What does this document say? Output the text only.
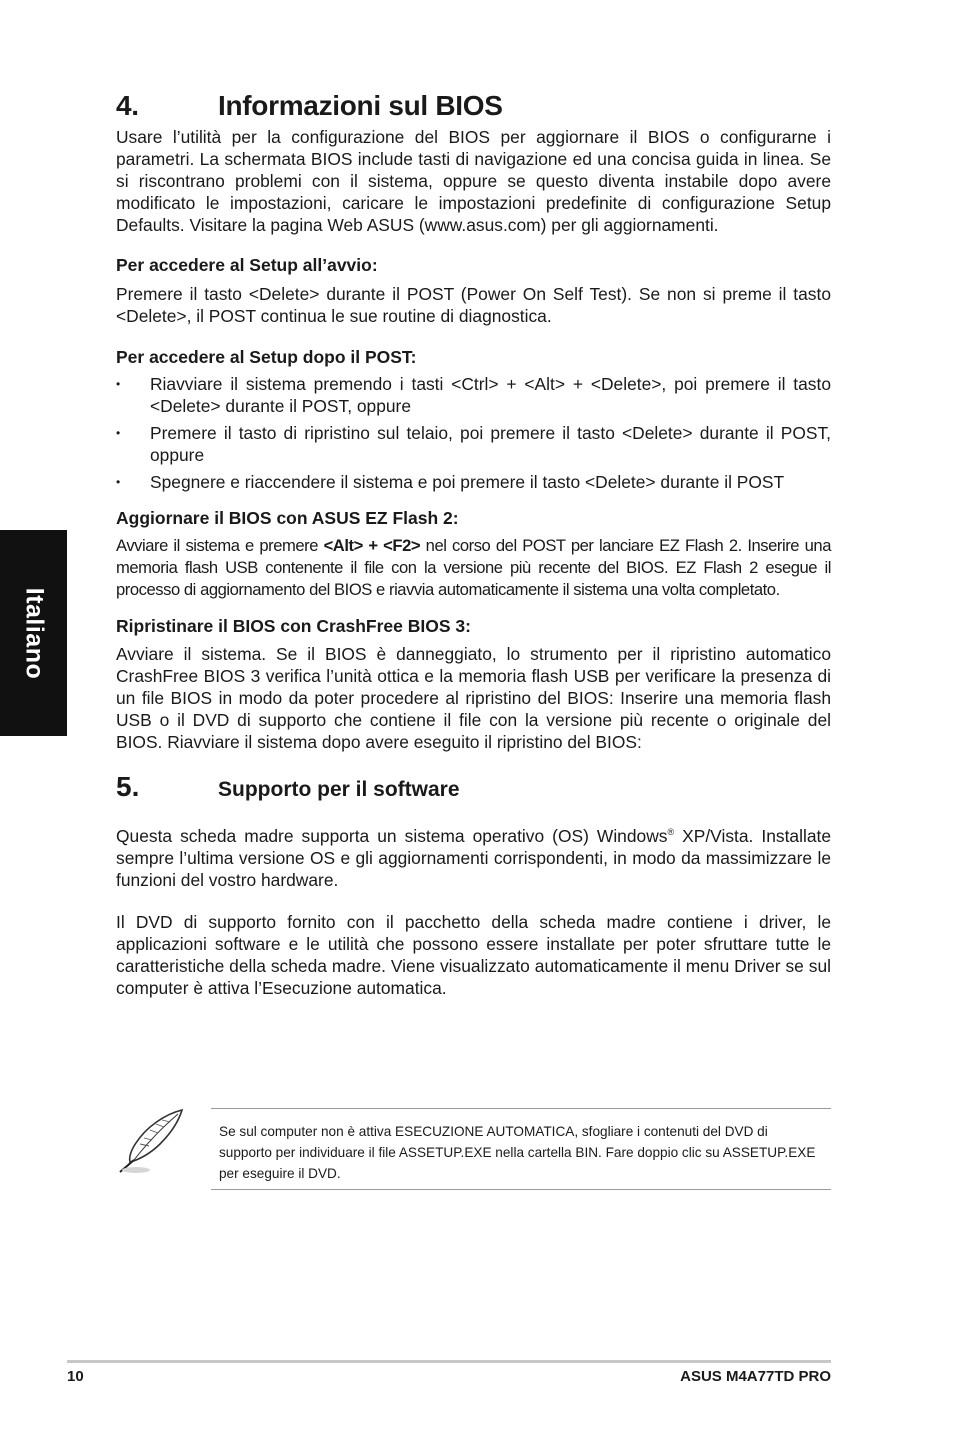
Italiano
4.	Informazioni sul BIOS

Usare l’utilità per la configurazione del BIOS per aggiornare il BIOS o configurarne i parametri. La schermata BIOS include tasti di navigazione ed una concisa guida in linea. Se si riscontrano problemi con il sistema, oppure se questo diventa instabile dopo avere modificato le impostazioni, caricare le impostazioni predefinite di configurazione Setup Defaults. Visitare la pagina Web ASUS (www.asus.com) per gli aggiornamenti.

Per accedere al Setup all’avvio:

Premere il tasto <Delete> durante il POST (Power On Self Test). Se non si preme il tasto <Delete>, il POST continua le sue routine di diagnostica.

Per accedere al Setup dopo il POST:

• Riavviare il sistema premendo i tasti <Ctrl> + <Alt> + <Delete>, poi premere il tasto <Delete> durante il POST, oppure
• Premere il tasto di ripristino sul telaio, poi premere il tasto <Delete> durante il POST, oppure
• Spegnere e riaccendere il sistema e poi premere il tasto <Delete> durante il POST

Aggiornare il BIOS con ASUS EZ Flash 2:

Avviare il sistema e premere <Alt> + <F2> nel corso del POST per lanciare EZ Flash 2. Inserire una memoria flash USB contenente il file con la versione più recente del BIOS. EZ Flash 2 esegue il processo di aggiornamento del BIOS e riavvia automaticamente il sistema una volta completato.

Ripristinare il BIOS con CrashFree BIOS 3:

Avviare il sistema. Se il BIOS è danneggiato, lo strumento per il ripristino automatico CrashFree BIOS 3 verifica l’unità ottica e la memoria flash USB per verificare la presenza di un file BIOS in modo da poter procedere al ripristino del BIOS: Inserire una memoria flash USB o il DVD di supporto che contiene il file con la versione più recente o originale del BIOS. Riavviare il sistema dopo avere eseguito il ripristino del BIOS:

5.	Supporto per il software

Questa scheda madre supporta un sistema operativo (OS) Windows® XP/Vista. Installate sempre l’ultima versione OS e gli aggiornamenti corrispondenti, in modo da massimizzare le funzioni del vostro hardware.

Il DVD di supporto fornito con il pacchetto della scheda madre contiene i driver, le applicazioni software e le utilità che possono essere installate per poter sfruttare tutte le caratteristiche della scheda madre. Viene visualizzato automaticamente il menu Driver se sul computer è attiva l’Esecuzione automatica.

Se sul computer non è attiva ESECUZIONE AUTOMATICA, sfogliare i contenuti del DVD di supporto per individuare il file ASSETUP.EXE nella cartella BIN. Fare doppio clic su ASSETUP.EXE per eseguire il DVD.

10	ASUS M4A77TD PRO
